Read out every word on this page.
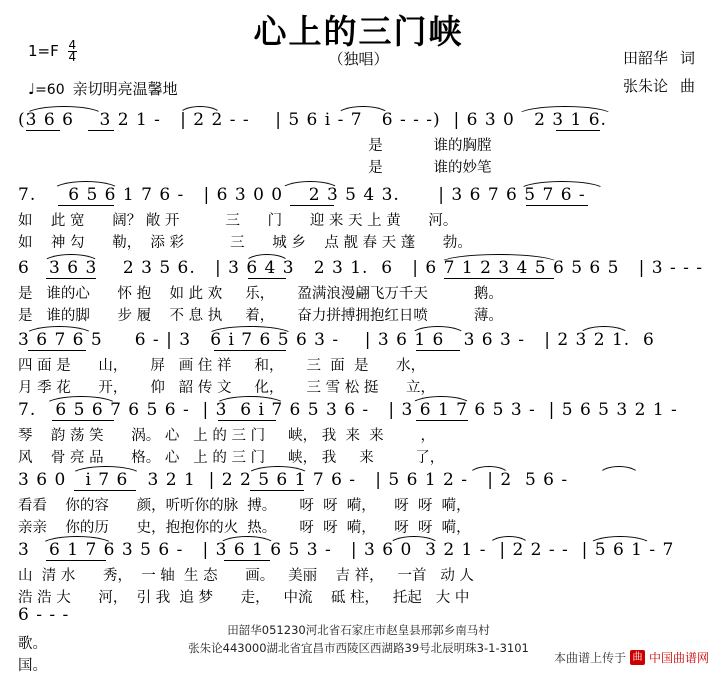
心上的三门峡
（独唱）
$1=F \frac{4}{4}$
♩=60 亲切明亮温馨地
田韶华 词
张朱论 曲
(3 6 6    3 2 1 -   | 2 2 - -    | 5 6 i - 7   6 - - -)  | 6 3 0   2 3 1 6.
是           谁的胸膛
是           谁的妙笔
7.     6 5 6 1 7 6 -   | 6 3 0 0    2 3 5 4 3.      | 3 6 7 6 5 7 6 -
如    此 宽      阔？ 敞 开          三      门      迎 来 天 上 黄      河。
如    神 勾      勒，  添 彩          三      城 乡    点 靓 春 天 蓬      勃。
6   3 6 3    2 3 5 6.   | 3 6 4 3   2 3 1.  6   | 6 7 1 2 3 4 5 6 5 6 5   | 3 - - -
是   谁的心      怀 抱    如 此 欢     乐，     盈满浪漫翩飞万千天          鹅。
是   谁的脚      步 履    不 息 执     着，     奋力拼搏拥抱红日喷          薄。
3 6 7 6 5     6 - | 3   6 i 7 6 5 6 3 -    | 3 6 1 6   3 6 3 -   | 2 3 2 1.  6
四 面 是      山，     屏   画 住 祥     和，     三  面  是      水，
月 季 花      开，     仰   韶 传 文     化，     三 雪 松 挺      立，
7.   6 5 6 7 6 5 6 -  | 3  6 i 7 6 5 3 6 -   | 3 6 1 7 6 5 3 -  | 5 6 5 3 2 1 -
琴    韵 荡 笑      涡。 心   上 的 三 门     峡， 我  来  来        ，
风    骨 亮 品      格。 心   上 的 三 门     峡， 我     来         了，
3 6 0   i 7 6   3 2 1  | 2 2 5 6 1 7 6 -   | 5 6 1 2 -   | 2  5 6 -
看看    你的容      颜，听听你的脉  搏。     呀  呀  嗬，    呀  呀  嗬，
亲亲    你的历      史，抱抱你的火  热。     呀  呀  嗬，    呀  呀  嗬，
3   6 1 7 6 3 5 6 -   | 3 6 1 6 5 3 -   | 3 6 0  3 2 1 -  | 2 2 - -  | 5 6 1 - 7
山  清 水      秀，  一 轴  生 态      画。   美丽    吉 祥，   一首   动 人
浩 浩 大      河，  引 我  追 梦      走，   中流    砥 柱，   托起   大 中
6 - - -
歌。
国。
田韶华051230河北省石家庄市赵皇县邢郭乡南马村
张朱论443000湖北省宜昌市西陵区西湖路39号北辰明珠3-1-3101
本曲谱上传于 曲 中国曲谱网
